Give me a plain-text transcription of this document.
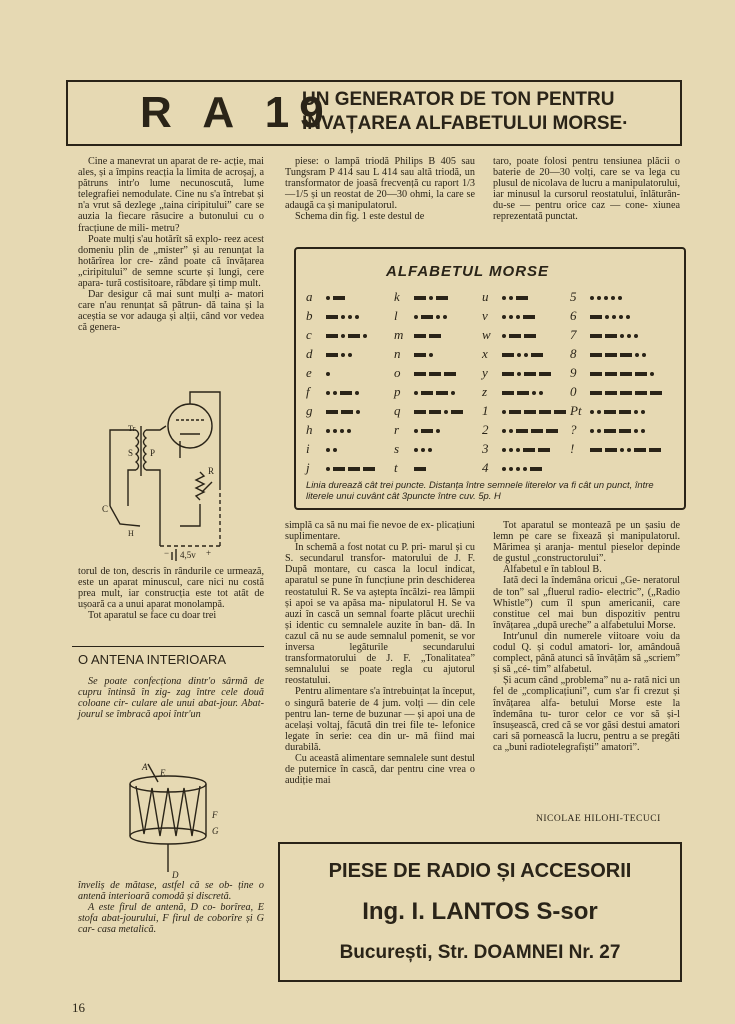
R A 19
UN GENERATOR DE TON PENTRU
INVAȚAREA ALFABETULUI MORSE·

Cine a manevrat un aparat de re- acție, mai ales, și a împins reacția la limita de acroșaj, a pătruns intr'o lume necunoscută, lume telegrafiei nemodulate. Cine nu s'a întrebat și n'a vrut să dezlege „taina ciripitului” care se auzia la fiecare răsucire a butonului cu o fracțiune de mili- metru?

Poate mulți s'au hotărît să explo- reez acest domeniu plin de „mister” și au renunțat la hotărîrea lor cre- zând poate că învățarea „ciripitului” de semne scurte și lungi, cere apara- tură costisitoare, răbdare și timp mult.

Dar desigur că mai sunt mulți a- matori care n'au renunțat să pătrun- dă taina și la aceștia se vor adauga și alții, când vor vedea că genera-

piese: o lampă triodă Philips B 405 sau Tungsram P 414 sau L 414 sau altă triodă, un transformator de joasă frecvență cu raport 1/3—1/5 și un reostat de 20—30 ohmi, la care se adaugă ca și manipulatorul.

Schema din fig. 1 este destul de

taro, poate folosi pentru tensiunea plăcii o baterie de 20—30 volți, care se va lega cu plusul de nicolava de lucru a manipulatorului, iar minusul la cursorul reostatului, înlăturân- du-se — pentru orice caz — cone- xiunea reprezentată punctat.

Tr.
P
S
R
H
C
4,5v
−	+
ALFABETUL MORSE
a	k	u	5
b	l	v	6
c	m	w	7
d	n	x	8
e	o	y	9
f	p	z	0
g	q	1	Pt
h	r	2	?
i	s	3	!
j	t	4
Linia durează cât trei puncte. Distanța între semnele literelor va fi cât un punct, între literele unui cuvânt cât 3puncte între cuv. 5p. H

torul de ton, descris în rândurile ce urmează, este un aparat minuscul, care nici nu costă prea mult, iar construcția este tot atât de ușoară ca a unui aparat monolampă.

Tot aparatul se face cu doar trei

O ANTENA INTERIOARA

Se poate confecționa dintr'o sârmă de cupru întinsă în zig- zag între cele două coloane cir- culare ale unui abat-jour. Abat- jourul se îmbracă apoi într'un

A
E
F
G
D

înveliș de mătase, astfel că se ob- ține o antenă interioară comodă și discretă.

A este firul de antenă, D co- borîrea, E stofa abat-jourului, F firul de coborîre și G car- casa metalică.

simplă ca să nu mai fie nevoe de ex- plicațiuni suplimentare.

In schemă a fost notat cu P. pri- marul și cu S. secundarul transfor- matorului de J. F. După montare, cu casca la locul indicat, aparatul se pune în funcțiune prin deschiderea reostatului R. Se va aștepta încălzi- rea lămpii și apoi se va apăsa ma- nipulatorul H. Se va auzi în cască un semnal foarte plăcut urechii și identic cu semnalele auzite în ban- dă. In cazul că nu se aude semnalul pomenit, se vor inversa legăturile secundarului transformatorului de J. F. „Tonalitatea” semnalului se poate regla cu ajutorul reostatului.

Pentru alimentare s'a întrebuințat la început, o singură baterie de 4 jum. volți — din cele pentru lan- terne de buzunar — și apoi una de același voltaj, făcută din trei file te- lefonice legate în serie: cea din ur- mă fiind mai durabilă.

Cu această alimentare semnalele sunt destul de puternice în cască, dar pentru cine vrea o audiție mai

Tot aparatul se montează pe un șasiu de lemn pe care se fixează și manipulatorul. Mărimea și aranja- mentul pieselor depinde de gustul „constructorului”.

Alfabetul e în tabloul B.

Iată deci la îndemâna oricui „Ge- neratorul de ton” sal „fluerul radio- electric”, („Radio Whistle”) cum îl spun americanii, care constitue cel mai bun dispozitiv pentru învățarea „după ureche” a alfabetului Morse.

Intr'unul din numerele viitoare voiu da codul Q. și codul amatori- lor, amândouă complect, până atunci să învățăm să „scriem” și să „cé- tim” alfabetul.

Și acum când „problema” nu a- rată nici un fel de „complicațiuni”, cum s'ar fi crezut și învățarea alfa- betului Morse este la îndemâna tu- turor celor ce vor să și-l însușească, cred că se vor găsi destui amatori cari să pornească la lucru, pentru a se pregăti ca „buni radiotelegrafiști” amatori”.

NICOLAE HILOHI-TECUCI
PIESE DE RADIO ȘI ACCESORII
Ing. I. LANTOS S-sor
București, Str. DOAMNEI Nr. 27
16
